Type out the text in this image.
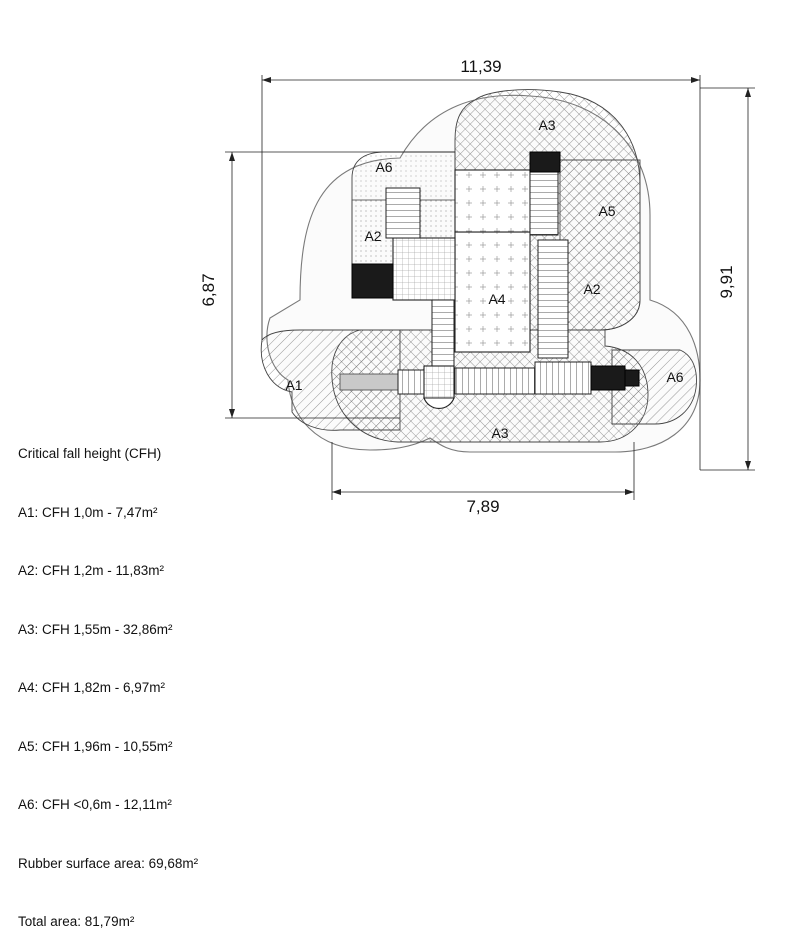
11,39
7,89
6,87	9,91
A3
A6
A5
A2
A2
A4
A1	A6
A3

Critical fall height (CFH)

A1: CFH 1,0m - 7,47m²

A2: CFH 1,2m - 11,83m²

A3: CFH 1,55m - 32,86m²

A4: CFH 1,82m - 6,97m²

A5: CFH 1,96m - 10,55m²

A6: CFH <0,6m - 12,11m²

Rubber surface area: 69,68m²

Total area: 81,79m²
